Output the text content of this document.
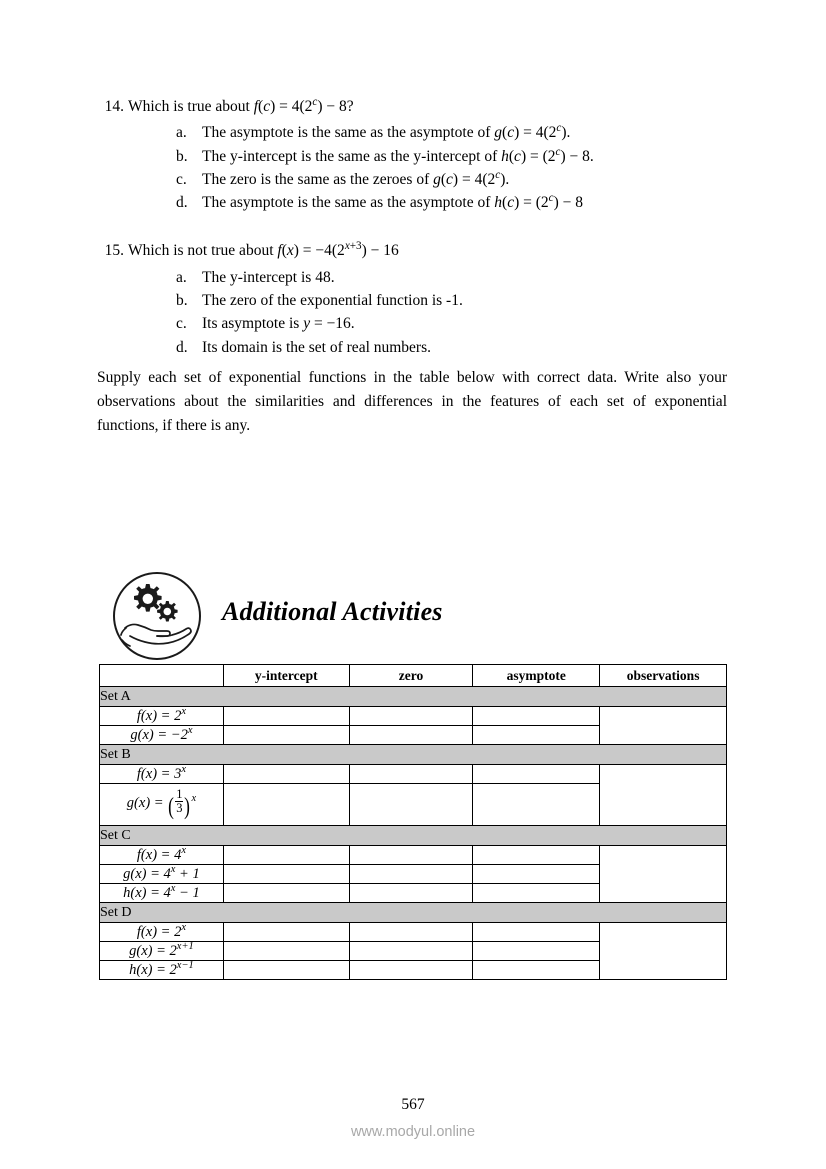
14. Which is true about $f(c) = 4(2^c) - 8$?
a. The asymptote is the same as the asymptote of $g(c) = 4(2^c)$.
b. The y-intercept is the same as the y-intercept of $h(c) = (2^c) - 8$.
c. The zero is the same as the zeroes of $g(c) = 4(2^c)$.
d. The asymptote is the same as the asymptote of $h(c) = (2^c) - 8$
15. Which is not true about $f(x) = -4(2^{x+3}) - 16$
a. The y-intercept is 48.
b. The zero of the exponential function is -1.
c. Its asymptote is y = −16.
d. Its domain is the set of real numbers.
Supply each set of exponential functions in the table below with correct data. Write also your observations about the similarities and differences in the features of each set of exponential functions, if there is any.
Additional Activities
	y-intercept	zero	asymptote	observations
Set A				
$f(x) = 2^x$				
$g(x) = -2^x$			
Set B				
$f(x) = 3^x$				
g(x) = ( $\frac{1}{3} )^x$			
Set C				
$f(x) = 4^x$				
$g(x) = 4^x + 1$				
$h(x) = 4^x - 1$				
Set D				
$f(x) = 2^x$				
$g(x) = 2^{x+1}$			
$h(x) = 2^{x-1}$			
567
www.modyul.online
